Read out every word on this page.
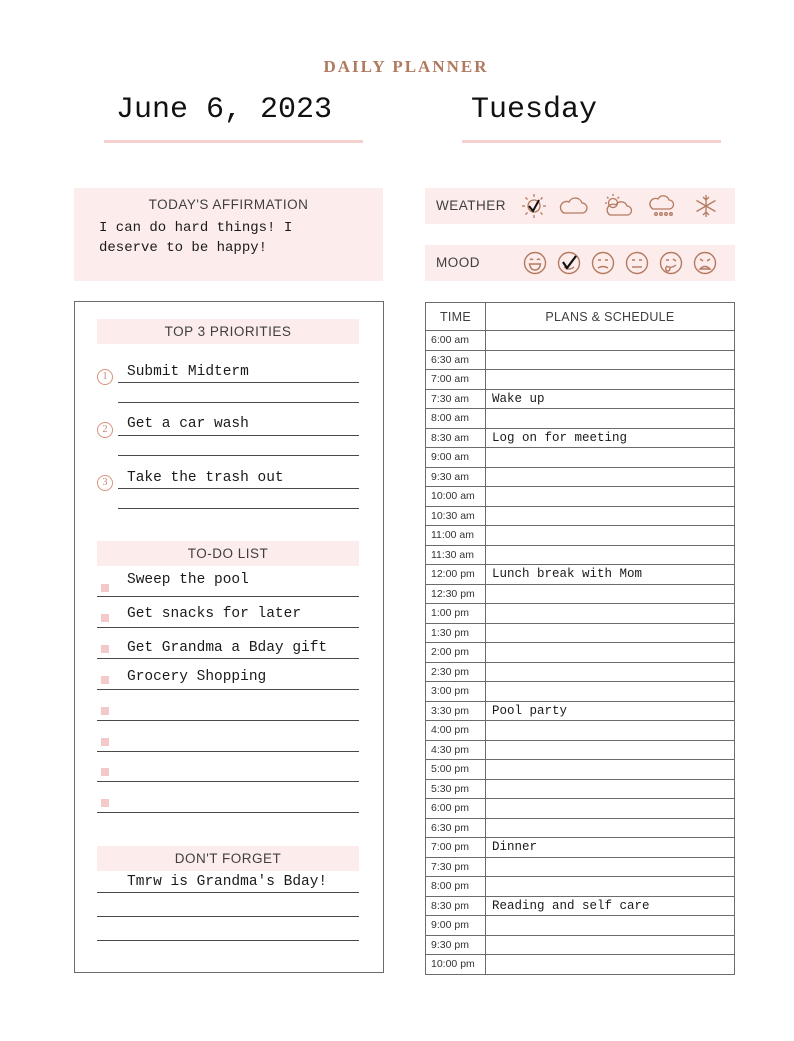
DAILY PLANNER
June 6, 2023	Tuesday
TODAY'S AFFIRMATION
I can do hard things! I
deserve to be happy!
WEATHER
MOOD
TOP 3 PRIORITIES
1	Submit Midterm
2	Get a car wash
3	Take the trash out
TO-DO LIST
Sweep the pool
Get snacks for later
Get Grandma a Bday gift
Grocery Shopping
DON'T FORGET
Tmrw is Grandma's Bday!
TIME	PLANS & SCHEDULE
6:00 am	
6:30 am	
7:00 am	
7:30 am	Wake up
8:00 am	
8:30 am	Log on for meeting
9:00 am	
9:30 am	
10:00 am	
10:30 am	
11:00 am	
11:30 am	
12:00 pm	Lunch break with Mom
12:30 pm	
1:00 pm	
1:30 pm	
2:00 pm	
2:30 pm	
3:00 pm	
3:30 pm	Pool party
4:00 pm	
4:30 pm	
5:00 pm	
5:30 pm	
6:00 pm	
6:30 pm	
7:00 pm	Dinner
7:30 pm	
8:00 pm	
8:30 pm	Reading and self care
9:00 pm	
9:30 pm	
10:00 pm	
